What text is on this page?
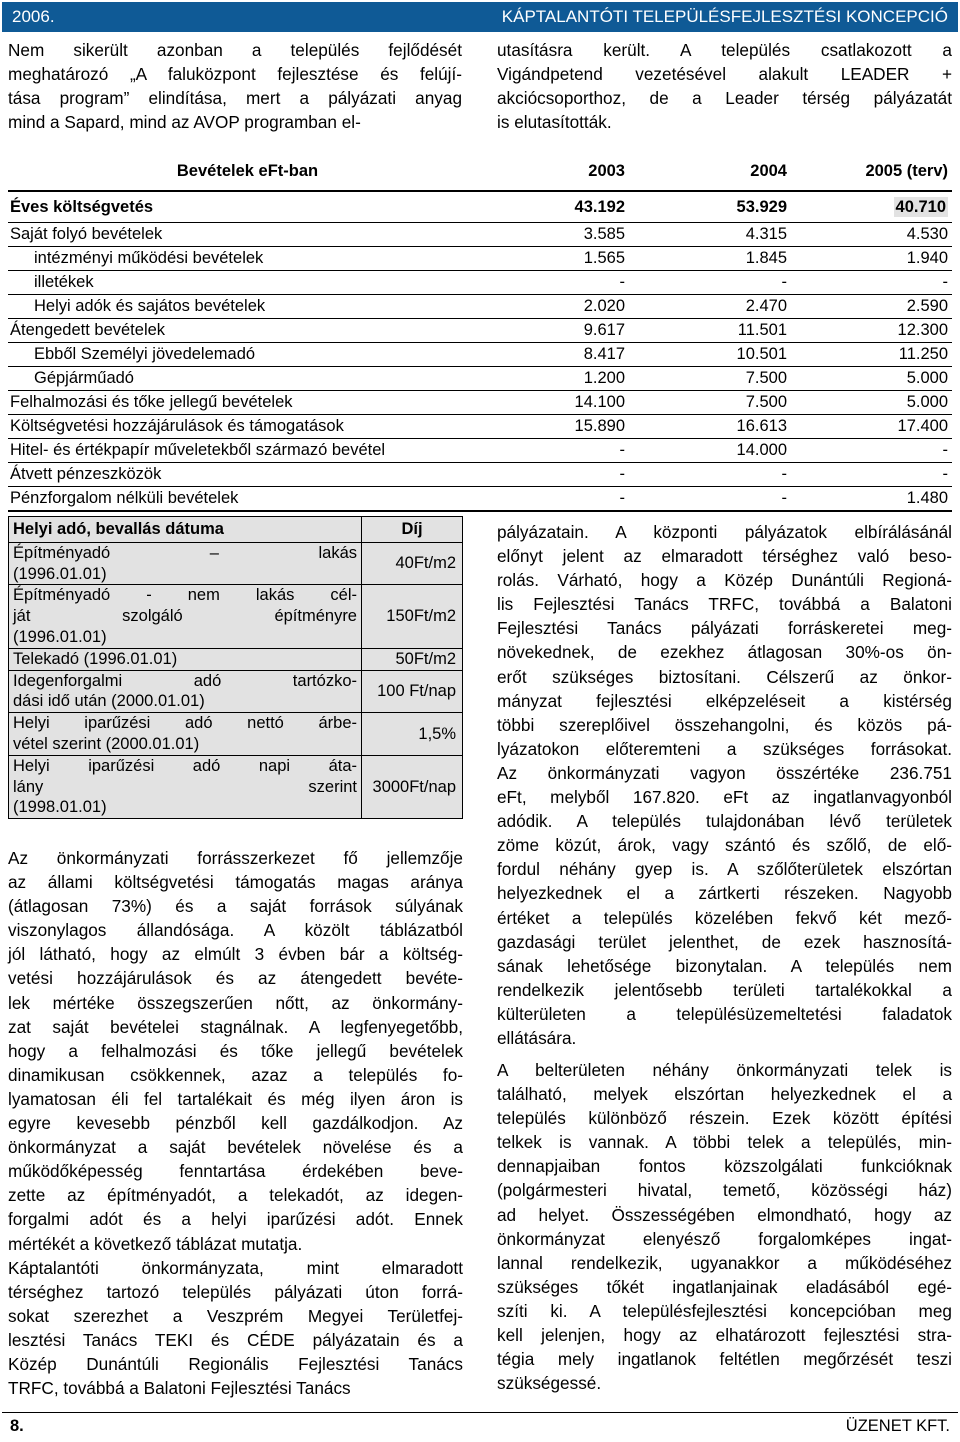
2006.	KÁPTALANTÓTI TELEPÜLÉSFEJLESZTÉSI KONCEPCIÓ
Nem sikerült azonban a település fejlődését
meghatározó „A faluközpont fejlesztése és felújí-
tása program” elindítása, mert a pályázati anyag
mind a Sapard, mind az AVOP programban el-
utasításra került. A település csatlakozott a
Vigándpetend vezetésével alakult LEADER +
akciócsoporthoz, de a Leader térség pályázatát
is elutasították.
Bevételek eFt-ban	2003	2004	2005 (terv)
Éves költségvetés	43.192	53.929	40.710
Saját folyó bevételek	3.585	4.315	4.530
intézményi működési bevételek	1.565	1.845	1.940
illetékek	-	-	-
Helyi adók és sajátos bevételek	2.020	2.470	2.590
Átengedett bevételek	9.617	11.501	12.300
Ebből Személyi jövedelemadó	8.417	10.501	11.250
Gépjárműadó	1.200	7.500	5.000
Felhalmozási és tőke jellegű bevételek	14.100	7.500	5.000
Költségvetési hozzájárulások és támogatások	15.890	16.613	17.400
Hitel- és értékpapír műveletekből származó bevétel	-	14.000	-
Átvett pénzeszközök	-	-	-
Pénzforgalom nélküli bevételek	-	-	1.480
Helyi adó, bevallás dátuma	Díj

Építményadó – lakás
(1996.01.01)	40Ft/m2

Építményadó - nem lakás cél-
ját szolgáló építményre
(1996.01.01)	150Ft/m2

Telekadó (1996.01.01)	50Ft/m2

Idegenforgalmi adó tartózko-
dási idő után (2000.01.01)	100 Ft/nap

Helyi iparűzési adó nettó árbe-
vétel szerint (2000.01.01)	1,5%

Helyi iparűzési adó napi áta-
lány szerint
(1998.01.01)	3000Ft/nap
Az önkormányzati forrásszerkezet fő jellemzője
az állami költségvetési támogatás magas aránya
(átlagosan 73%) és a saját források súlyának
viszonylagos állandósága. A közölt táblázatból
jól látható, hogy az elmúlt 3 évben bár a költség-
vetési hozzájárulások és az átengedett bevéte-
lek mértéke összegszerűen nőtt, az önkormány-
zat saját bevételei stagnálnak. A legfenyegetőbb,
hogy a felhalmozási és tőke jellegű bevételek
dinamikusan csökkennek, azaz a település fo-
lyamatosan éli fel tartalékait és még ilyen áron is
egyre kevesebb pénzből kell gazdálkodjon. Az
önkormányzat a saját bevételek növelése és a
működőképesség fenntartása érdekében beve-
zette az építményadót, a telekadót, az idegen-
forgalmi adót és a helyi iparűzési adót. Ennek
mértékét a következő táblázat mutatja.
Káptalantóti önkormányzata, mint elmaradott
térséghez tartozó település pályázati úton forrá-
sokat szerezhet a Veszprém Megyei Területfej-
lesztési Tanács TEKI és CÉDE pályázatain és a
Közép Dunántúli Regionális Fejlesztési Tanács
TRFC, továbbá a Balatoni Fejlesztési Tanács
pályázatain. A központi pályázatok elbírálásánál
előnyt jelent az elmaradott térséghez való beso-
rolás. Várható, hogy a Közép Dunántúli Regioná-
lis Fejlesztési Tanács TRFC, továbbá a Balatoni
Fejlesztési Tanács pályázati forráskeretei meg-
növekednek, de ezekhez átlagosan 30%-os ön-
erőt szükséges biztosítani. Célszerű az önkor-
mányzat fejlesztési elképzeléseit a kistérség
többi szereplőivel összehangolni, és közös pá-
lyázatokon előteremteni a szükséges forrásokat.
Az önkormányzati vagyon összértéke 236.751
eFt, melyből 167.820. eFt az ingatlanvagyonból
adódik. A település tulajdonában lévő területek
zöme közút, árok, vagy szántó és szőlő, de elő-
fordul néhány gyep is. A szőlőterületek elszórtan
helyezkednek el a zártkerti részeken. Nagyobb
értéket a település közelében fekvő két mező-
gazdasági terület jelenthet, de ezek hasznosítá-
sának lehetősége bizonytalan. A település nem
rendelkezik jelentősebb területi tartalékokkal a
külterületen a településüzemeltetési faladatok
ellátására.
A belterületen néhány önkormányzati telek is
található, melyek elszórtan helyezkednek el a
település különböző részein. Ezek között építési
telkek is vannak. A többi telek a település, min-
dennapjaiban fontos közszolgálati funkcióknak
(polgármesteri hivatal, temető, közösségi ház)
ad helyet. Összességében elmondható, hogy az
önkormányzat elenyésző forgalomképes ingat-
lannal rendelkezik, ugyanakkor a működéséhez
szükséges tőkét ingatlanjainak eladásából egé-
szíti ki. A településfejlesztési koncepcióban meg
kell jelenjen, hogy az elhatározott fejlesztési stra-
tégia mely ingatlanok feltétlen megőrzését teszi
szükségessé.
8.	ÜZENET KFT.
